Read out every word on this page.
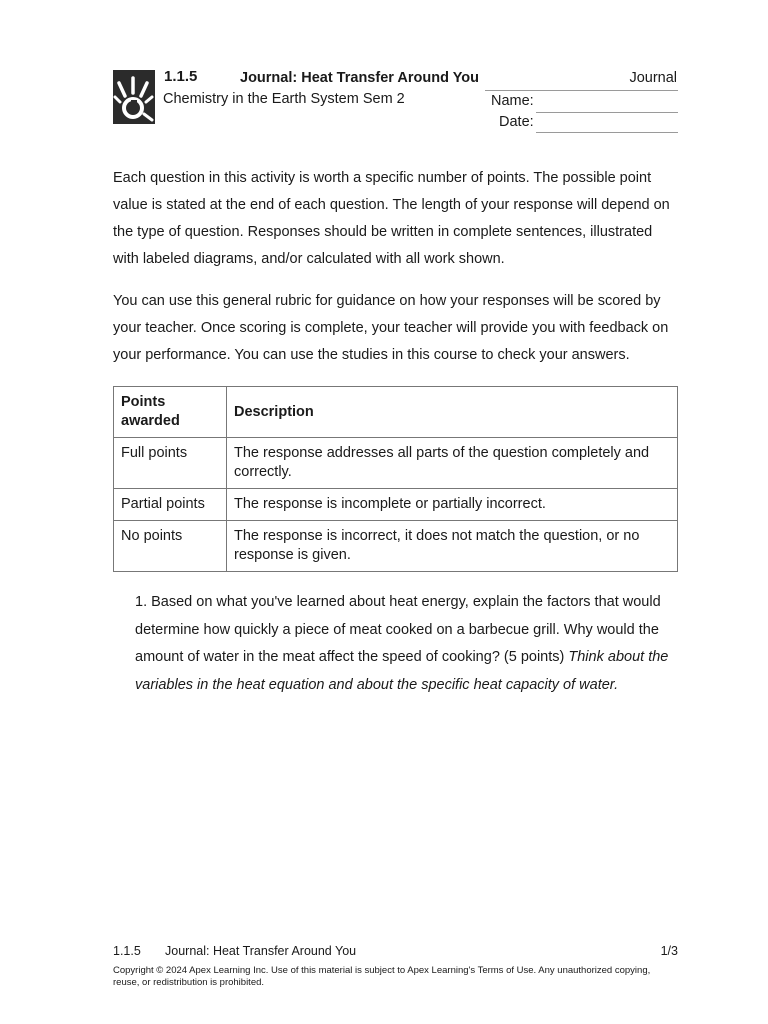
1.1.5	Journal: Heat Transfer Around You
Chemistry in the Earth System Sem 2
Journal
Name:
Date:

Each question in this activity is worth a specific number of points. The possible point value is stated at the end of each question. The length of your response will depend on the type of question. Responses should be written in complete sentences, illustrated with labeled diagrams, and/or calculated with all work shown.

You can use this general rubric for guidance on how your responses will be scored by your teacher. Once scoring is complete, your teacher will provide you with feedback on your performance. You can use the studies in this course to check your answers.

Points awarded	Description
Full points	The response addresses all parts of the question completely and correctly.
Partial points	The response is incomplete or partially incorrect.
No points	The response is incorrect, it does not match the question, or no response is given.

1. Based on what you've learned about heat energy, explain the factors that would determine how quickly a piece of meat cooked on a barbecue grill. Why would the amount of water in the meat affect the speed of cooking? (5 points) Think about the variables in the heat equation and about the specific heat capacity of water.

1.1.5 Journal: Heat Transfer Around You	1/3

Copyright © 2024 Apex Learning Inc. Use of this material is subject to Apex Learning's Terms of Use. Any unauthorized copying, reuse, or redistribution is prohibited.
